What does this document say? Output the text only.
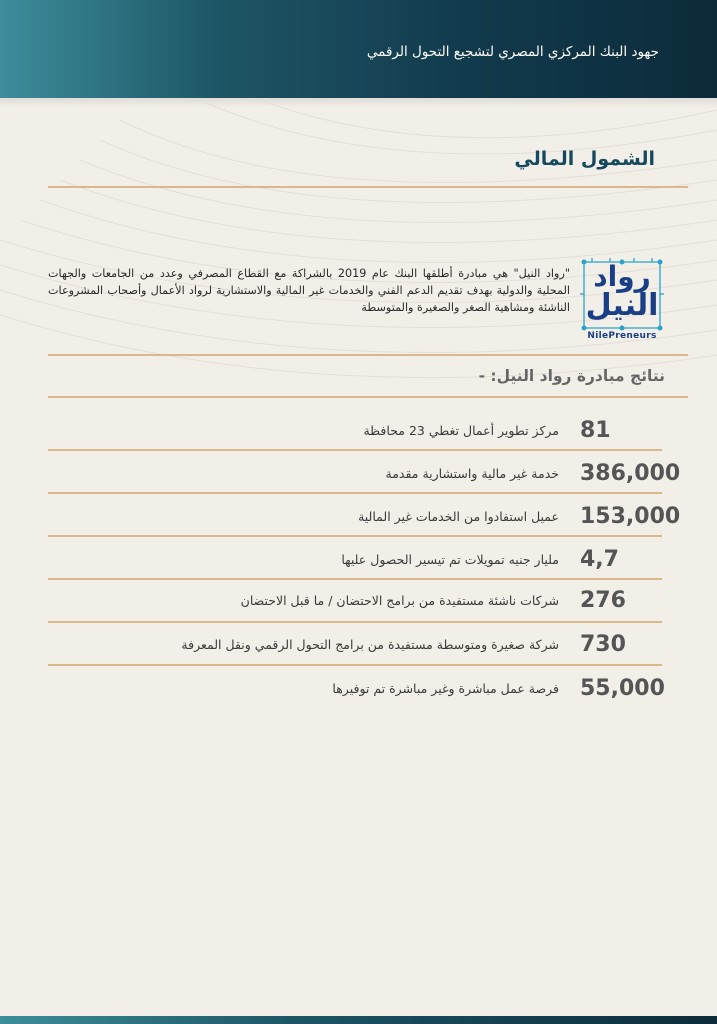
جهود البنك المركزي المصري لتشجيع التحول الرقمي
الشمول المالي
رواد
النيل
NilePreneurs
"رواد النيل" هي مبادرة أطلقها البنك عام 2019 بالشراكة مع القطاع المصرفي وعدد من الجامعات والجهات المحلية والدولية بهدف تقديم الدعم الفني والخدمات غير المالية والاستشارية لرواد الأعمال وأصحاب المشروعات الناشئة ومشاهية الصغر والصغيرة والمتوسطة
نتائج مبادرة رواد النيل: -
81
مركز تطوير أعمال تغطي 23 محافظة
386,000
خدمة غير مالية واستشارية مقدمة
153,000
عميل استفادوا من الخدمات غير المالية
4,7
مليار جنيه تمويلات تم تيسير الحصول عليها
276
شركات ناشئة مستفيدة من برامج الاحتضان / ما قبل الاحتضان
730
شركة صغيرة ومتوسطة مستفيدة من برامج التحول الرقمي ونقل المعرفة
55,000
فرصة عمل مباشرة وغير مباشرة تم توفيرها
